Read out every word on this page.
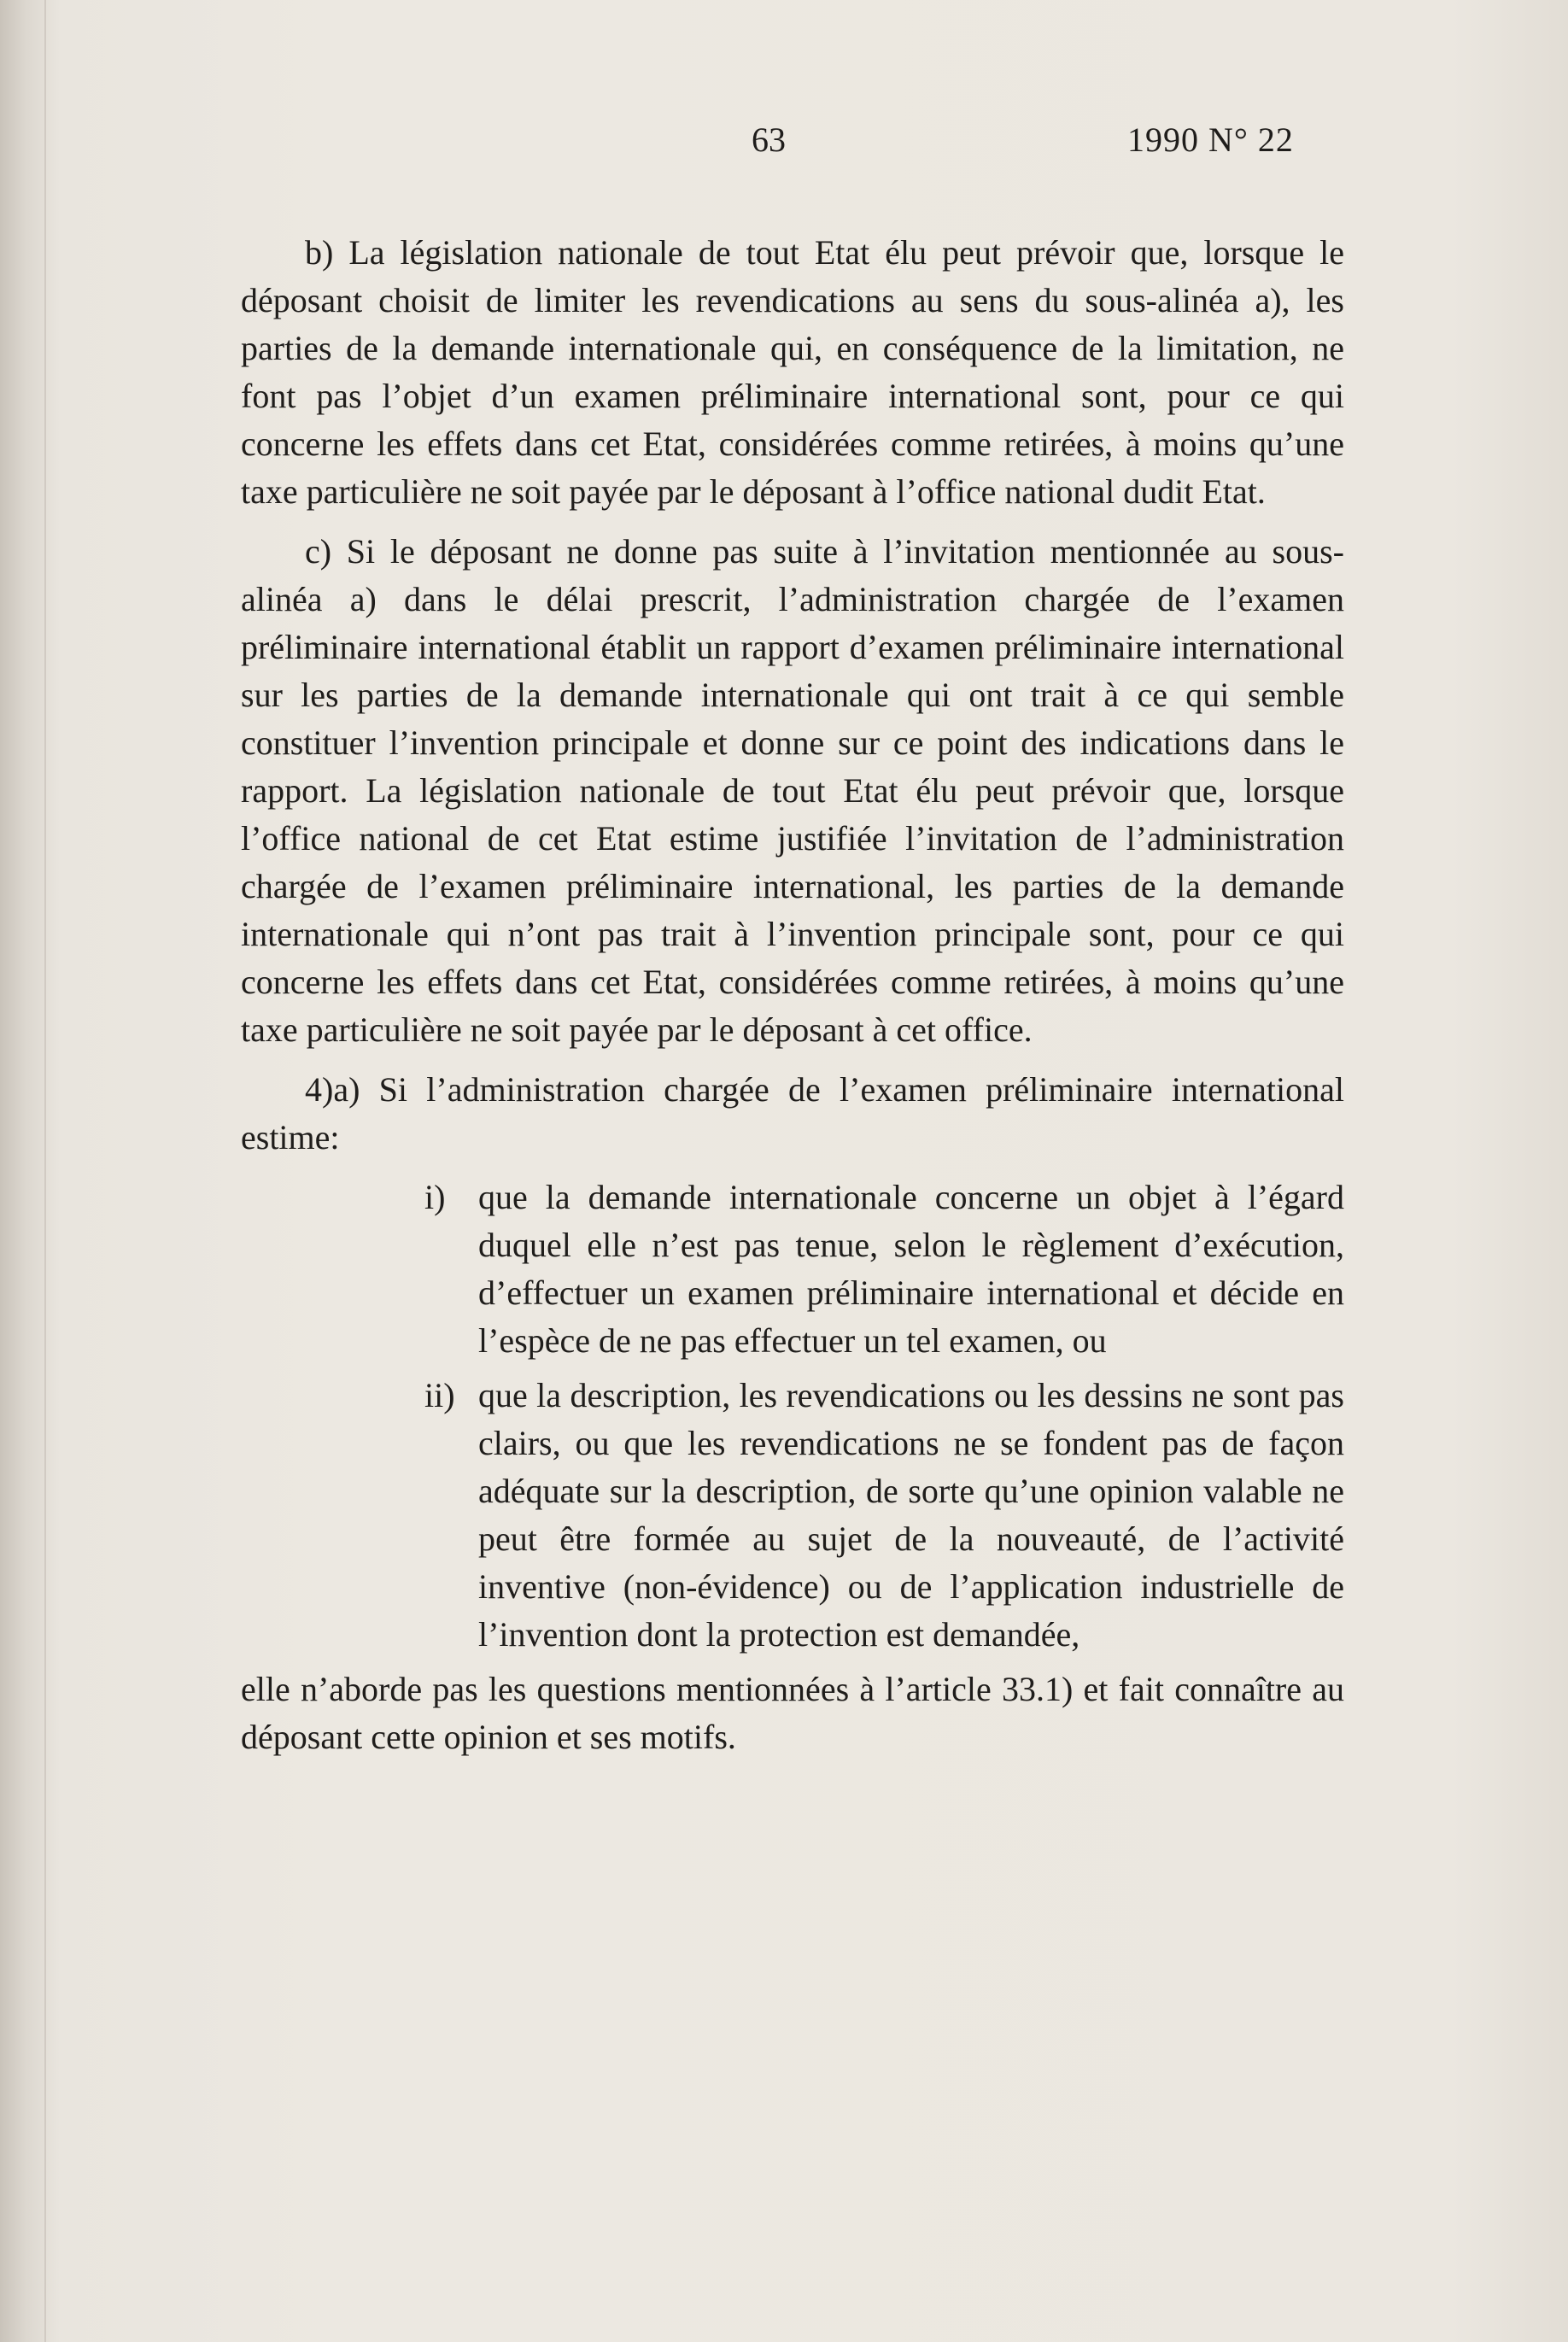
63	1990 N° 22

b) La législation nationale de tout Etat élu peut prévoir que, lorsque le déposant choisit de limiter les revendications au sens du sous-alinéa a), les parties de la demande internationale qui, en conséquence de la limitation, ne font pas l’objet d’un examen préliminaire international sont, pour ce qui concerne les effets dans cet Etat, considérées comme retirées, à moins qu’une taxe particulière ne soit payée par le déposant à l’office national dudit Etat.

c) Si le déposant ne donne pas suite à l’invitation mentionnée au sous-alinéa a) dans le délai prescrit, l’administration chargée de l’examen préliminaire international établit un rapport d’examen préliminaire international sur les parties de la demande internationale qui ont trait à ce qui semble constituer l’invention principale et donne sur ce point des indications dans le rapport. La législation nationale de tout Etat élu peut prévoir que, lorsque l’office national de cet Etat estime justifiée l’invitation de l’administration chargée de l’examen préliminaire international, les parties de la demande internationale qui n’ont pas trait à l’invention principale sont, pour ce qui concerne les effets dans cet Etat, considérées comme retirées, à moins qu’une taxe particulière ne soit payée par le déposant à cet office.

4)a) Si l’administration chargée de l’examen préliminaire international estime:

i) que la demande internationale concerne un objet à l’égard duquel elle n’est pas tenue, selon le règlement d’exécution, d’effectuer un examen préliminaire international et décide en l’espèce de ne pas effectuer un tel examen, ou
ii) que la description, les revendications ou les dessins ne sont pas clairs, ou que les revendications ne se fondent pas de façon adéquate sur la description, de sorte qu’une opinion valable ne peut être formée au sujet de la nouveauté, de l’activité inventive (non-évidence) ou de l’application industrielle de l’invention dont la protection est demandée,

elle n’aborde pas les questions mentionnées à l’article 33.1) et fait connaître au déposant cette opinion et ses motifs.
